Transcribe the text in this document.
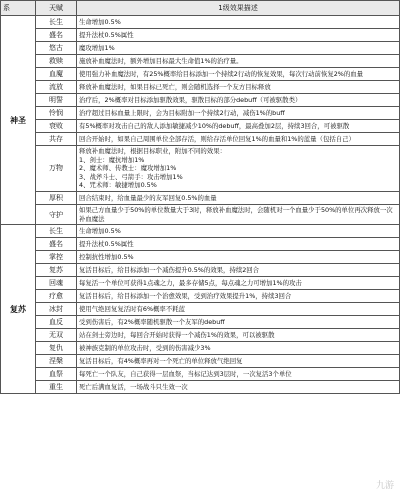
系	天赋	1级效果描述
神圣	长生	生命增加0.5%
	盛名	提升法杖0.5%属性
	悠古	魔攻增加1%
	救赎	施放补血魔法时，额外增加目标最大生命值1%的治疗量。
	血魔	使用强力补血魔法时，有25%概率给目标添加一个持续2行动的恢复效果，每次行动前恢复2%的血量
	流放	释放补血魔法时，如果目标已死亡，则会随机选择一个友方目标释放
	明誓	治疗后，2%概率对目标添加驱散效果，驱散目标的部分debuff（可被驱散类）
	怜悯	治疗超过目标血量上限时，会为目标附加一个持续2行动，减伤1%的buff
	衰败	有5%概率对攻击自己的敌人添加敏捷减少10%的debuff，最高叠加2层，持续3回合，可被驱散
	共存	回合开始时，如果自己周围单位全部存活，则给存活单位回复1%的血量和1%的蓝量（包括自己）
	万物	释放补血魔法时，根据目标职业，附加不同的效果：
1、剑士：魔抗增加1%
2、魔术师、传教士：魔攻增加1%
3、战斧斗士、弓箭手：攻击增加1%
4、咒术师：敏捷增加0.5%
	厚积	回合结束时，给血量最少的友军回复0.5%的血量
	守护	如果己方血量少于50%的单位数量大于3时，释放补血魔法时，会随机对一个血量少于50%的单位再次释放一次补血魔法
复苏	长生	生命增加0.5%
	盛名	提升法杖0.5%属性
	掌控	控制抗性增加0.5%
	复苏	复活目标后，给目标添加一个减伤提升0.5%的效果，持续2回合
	回魂	每复活一个单位可获得1点魂之力，最多存储5点，每点魂之力可增加1%的攻击
	疗愈	复活目标后，给目标添加一个治愈效果，受到治疗效果提升1%，持续3回合
	冰封	使用气绝回复复活时有6%概率不耗蓝
	血反	受到伤害后，有2%概率随机驱散一个友军的debuff
	无双	站在剑士旁边时，每回合开始时获得一个减伤1%的效果，可以被驱散
	复仇	被神族克制的单位攻击时，受到的伤害减少3%
	涅槃	复活目标后，有4%概率再对一个死亡的单位释放气绝回复
	血祭	每死亡一个队友，自己获得一层血祭，当标记达到3层时，一次复活3个单位
	重生	死亡后满血复活，一场战斗只生效一次
九游
